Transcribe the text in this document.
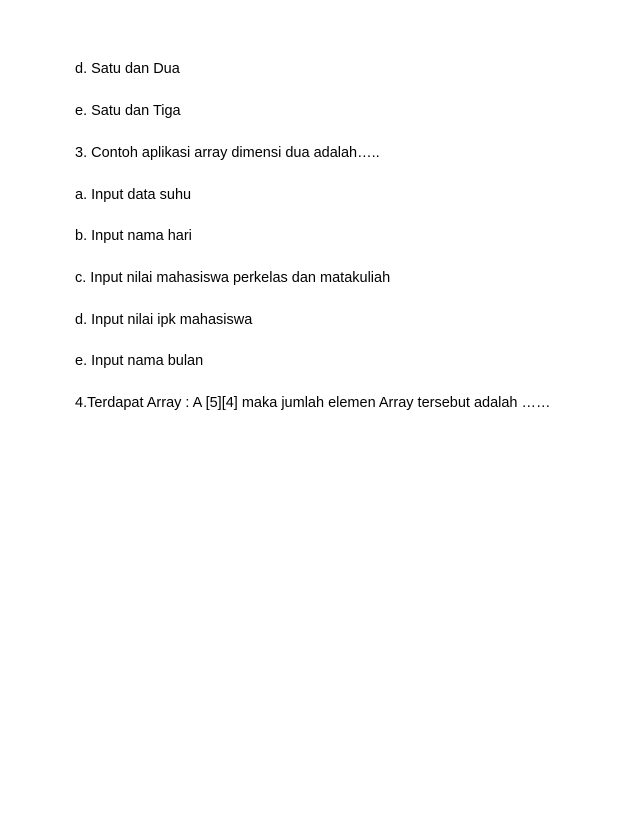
d. Satu dan Dua

e. Satu dan Tiga

3. Contoh aplikasi array dimensi dua adalah…..

a. Input data suhu

b. Input nama hari

c. Input nilai mahasiswa perkelas dan matakuliah

d. Input nilai ipk mahasiswa

e. Input nama bulan

4.Terdapat Array : A [5][4] maka jumlah elemen Array tersebut adalah ……
